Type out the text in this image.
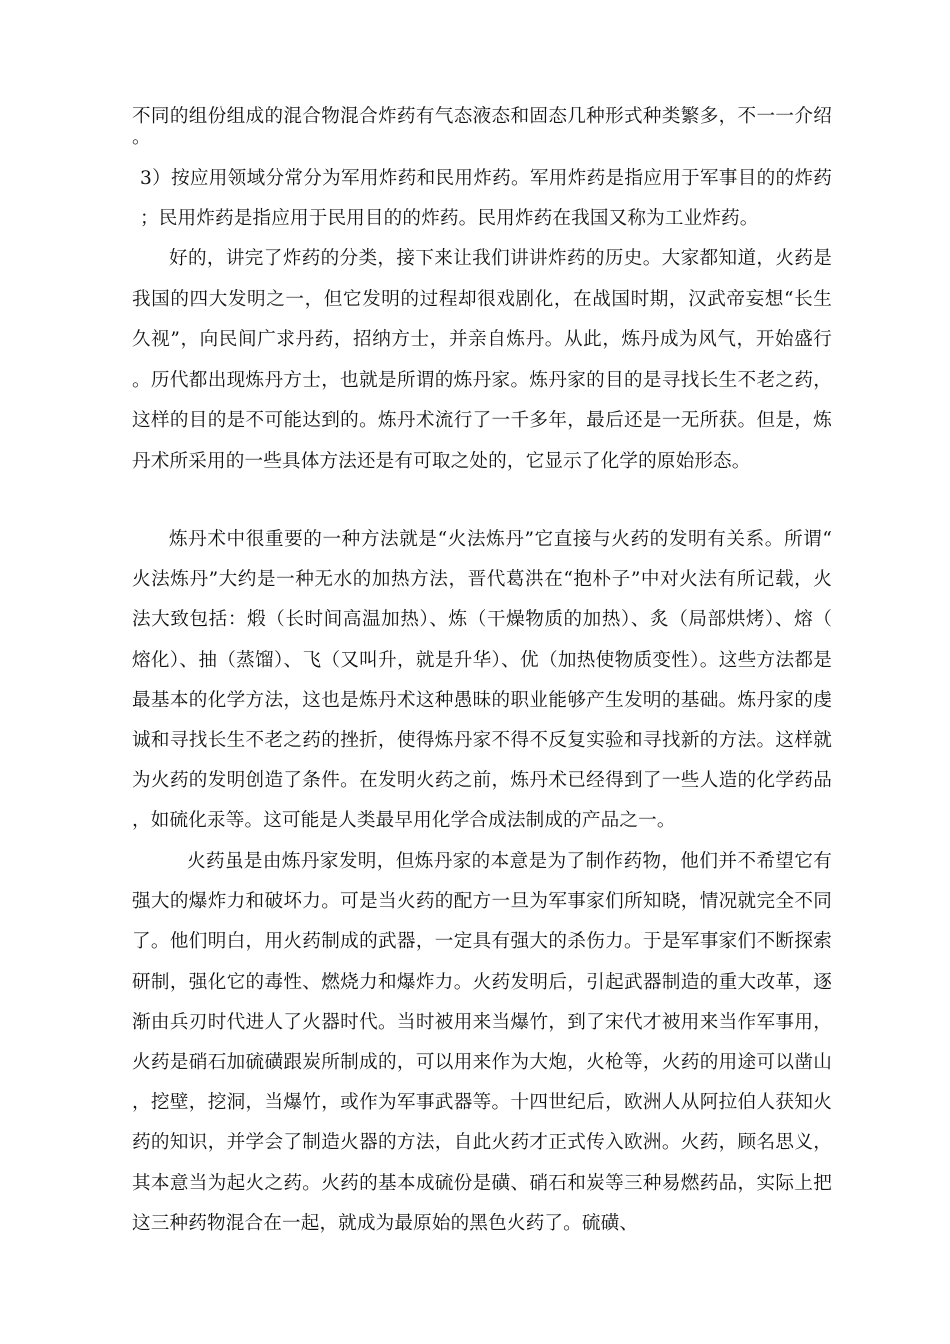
不同的组份组成的混合物混合炸药有气态液态和固态几种形式种类繁多，不一一介绍。

3）按应用领域分常分为军用炸药和民用炸药。军用炸药是指应用于军事目的的炸药；民用炸药是指应用于民用目的的炸药。民用炸药在我国又称为工业炸药。

好的，讲完了炸药的分类，接下来让我们讲讲炸药的历史。大家都知道，火药是我国的四大发明之一，但它发明的过程却很戏剧化，在战国时期，汉武帝妄想“长生久视”，向民间广求丹药，招纳方士，并亲自炼丹。从此，炼丹成为风气，开始盛行。历代都出现炼丹方士，也就是所谓的炼丹家。炼丹家的目的是寻找长生不老之药，这样的目的是不可能达到的。炼丹术流行了一千多年，最后还是一无所获。但是，炼丹术所采用的一些具体方法还是有可取之处的，它显示了化学的原始形态。

炼丹术中很重要的一种方法就是“火法炼丹”它直接与火药的发明有关系。所谓“火法炼丹”大约是一种无水的加热方法，晋代葛洪在“抱朴子”中对火法有所记载，火法大致包括：煅（长时间高温加热）、炼（干燥物质的加热）、炙（局部烘烤）、熔（熔化）、抽（蒸馏）、飞（又叫升，就是升华）、优（加热使物质变性）。这些方法都是最基本的化学方法，这也是炼丹术这种愚昧的职业能够产生发明的基础。炼丹家的虔诚和寻找长生不老之药的挫折，使得炼丹家不得不反复实验和寻找新的方法。这样就为火药的发明创造了条件。在发明火药之前，炼丹术已经得到了一些人造的化学药品，如硫化汞等。这可能是人类最早用化学合成法制成的产品之一。

火药虽是由炼丹家发明，但炼丹家的本意是为了制作药物，他们并不希望它有强大的爆炸力和破坏力。可是当火药的配方一旦为军事家们所知晓，情况就完全不同了。他们明白，用火药制成的武器，一定具有强大的杀伤力。于是军事家们不断探索研制，强化它的毒性、燃烧力和爆炸力。火药发明后，引起武器制造的重大改革，逐渐由兵刃时代进人了火器时代。当时被用来当爆竹，到了宋代才被用来当作军事用，火药是硝石加硫磺跟炭所制成的，可以用来作为大炮，火枪等，火药的用途可以凿山，挖壁，挖洞，当爆竹，或作为军事武器等。十四世纪后，欧洲人从阿拉伯人获知火药的知识，并学会了制造火器的方法，自此火药才正式传入欧洲。火药，顾名思义，其本意当为起火之药。火药的基本成硫份是磺、硝石和炭等三种易燃药品，实际上把这三种药物混合在一起，就成为最原始的黑色火药了。硫磺、
